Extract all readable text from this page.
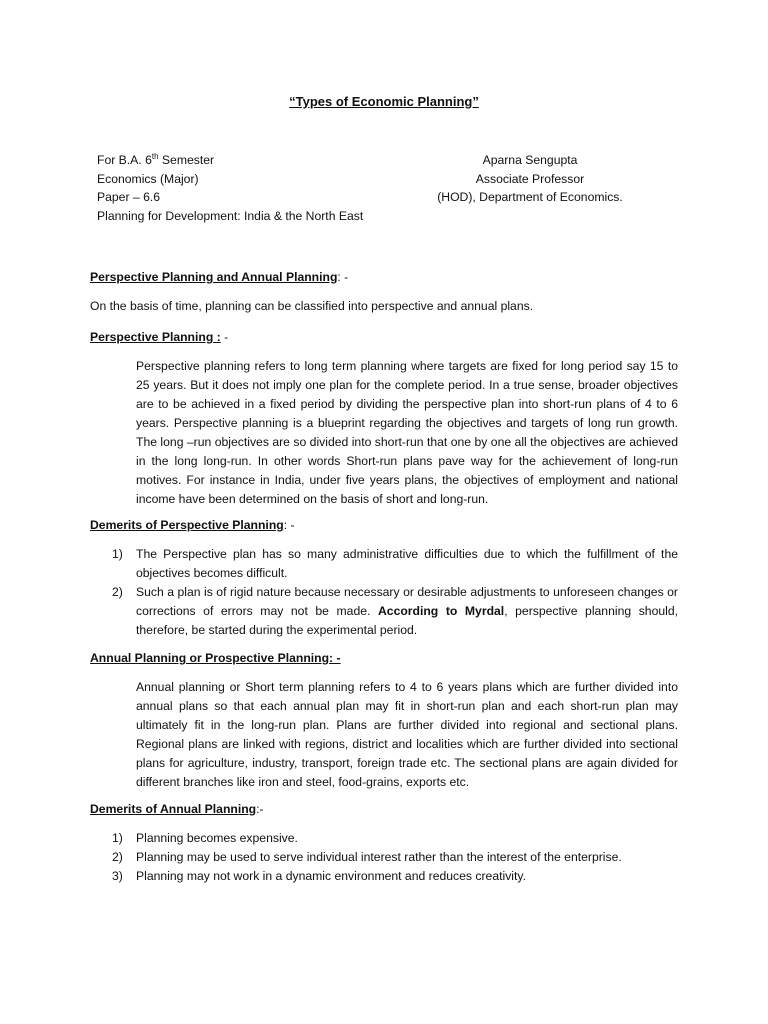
“Types of Economic Planning”
For B.A. 6th Semester
Economics (Major)
Paper – 6.6
Planning for Development: India & the North East
Aparna Sengupta
Associate Professor
(HOD), Department of Economics.
Perspective Planning and Annual Planning: -
On the basis of time, planning can be classified into perspective and annual plans.
Perspective Planning : -
Perspective planning refers to long term planning where targets are fixed for long period say 15 to 25 years. But it does not imply one plan for the complete period. In a true sense, broader objectives are to be achieved in a fixed period by dividing the perspective plan into short-run plans of 4 to 6 years. Perspective planning is a blueprint regarding the objectives and targets of long run growth. The long –run objectives are so divided into short-run that one by one all the objectives are achieved in the long long-run. In other words Short-run plans pave way for the achievement of long-run motives. For instance in India, under five years plans, the objectives of employment and national income have been determined on the basis of short and long-run.
Demerits of Perspective Planning: -
1) The Perspective plan has so many administrative difficulties due to which the fulfillment of the objectives becomes difficult.
2) Such a plan is of rigid nature because necessary or desirable adjustments to unforeseen changes or corrections of errors may not be made. According to Myrdal, perspective planning should, therefore, be started during the experimental period.
Annual Planning or Prospective Planning: -
Annual planning or Short term planning refers to 4 to 6 years plans which are further divided into annual plans so that each annual plan may fit in short-run plan and each short-run plan may ultimately fit in the long-run plan. Plans are further divided into regional and sectional plans. Regional plans are linked with regions, district and localities which are further divided into sectional plans for agriculture, industry, transport, foreign trade etc. The sectional plans are again divided for different branches like iron and steel, food-grains, exports etc.
Demerits of Annual Planning:-
1) Planning becomes expensive.
2) Planning may be used to serve individual interest rather than the interest of the enterprise.
3) Planning may not work in a dynamic environment and reduces creativity.
